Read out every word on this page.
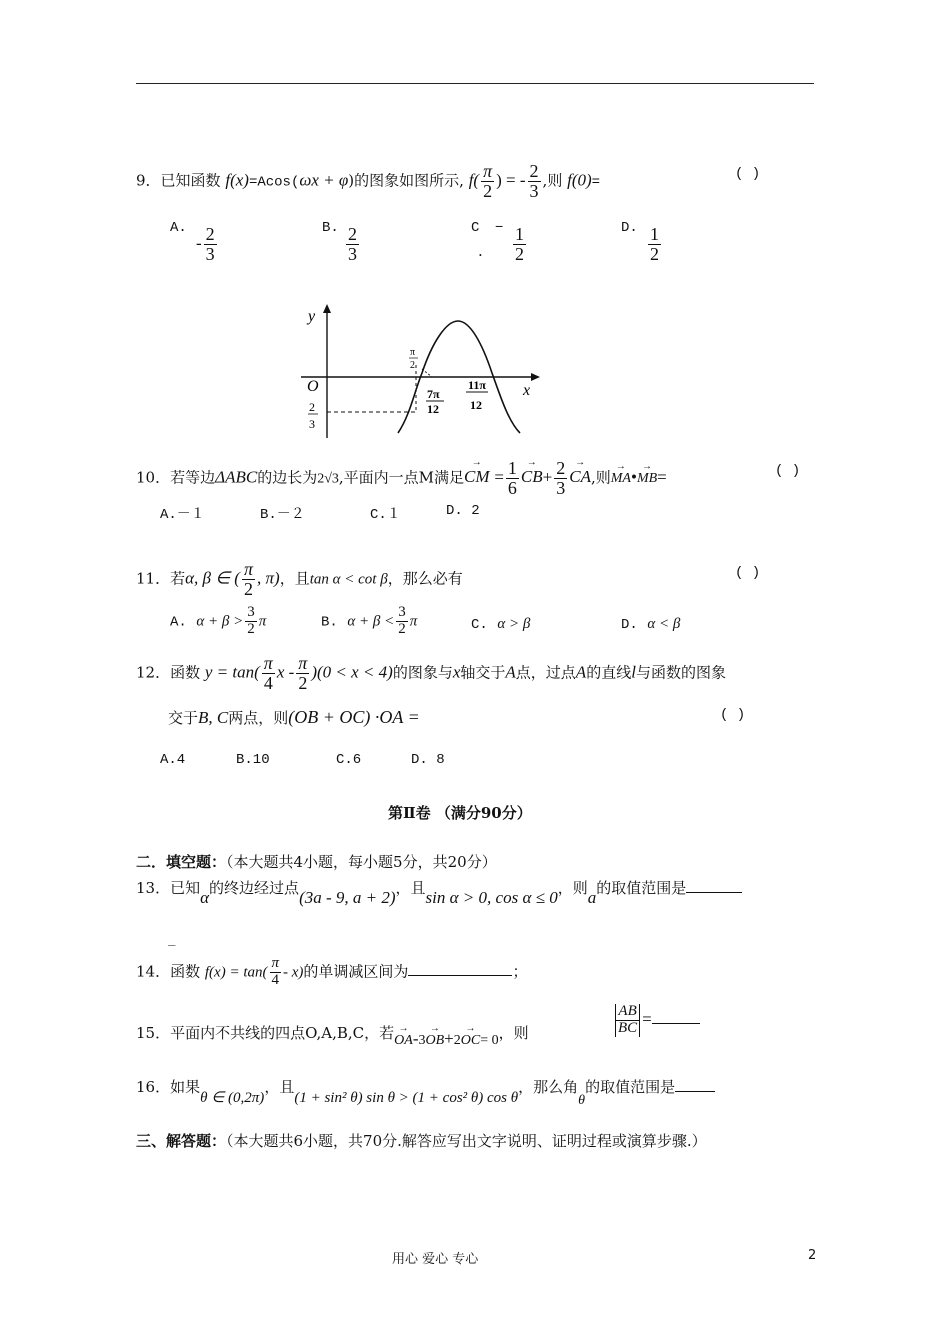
9．已知函数 f(x)=Acos(ωx + φ)的图象如图所示, $f( \frac{\pi}{2}$ ) = - $\frac{2}{3}$ ,则 f(0)=
( )
A.
- $\frac{2}{3}$	B. $\frac{2}{3}$	C −
. $\frac{1}{2}$	D. $\frac{1}{2}$
y
x
O
π
2
7π
12
11π
12
2
3
10．若等边ΔABC的边长为2√3,平面内一点M满足→ CM = $\frac{1}{6}$
→ $CB+ \frac{2}{3}$
→ CA,则→ MA•→ MB=	( )
A.－１	B.－２	C.１	D. 2
11．若α, β ∈ ( $\frac{\pi}{2}$ , π)，且tan α < cot β，那么必有	( )
A. $\alpha + \beta > \frac{3}{2}$ π	B. $\alpha + \beta < \frac{3}{2}$ π	C. α > β	D. α < β
12．函数 $y = \tan( \frac{\pi}{4}$ $x - \frac{\pi}{2} )(0 < x < 4)$的图象与x轴交于A点，过点A的直线l与函数的图象
交于B, C两点，则(OB + OC) ·OA =	( )
A.4	B.10	C.6	D. 8
第Ⅱ卷 （满分90分）
二．填空题：（本大题共4小题，每小题5分，共20分）
13．已知α的终边经过点(3a - 9, a + 2)，且sin α > 0, cos α ≤ 0，则a的取值范围是
_
14．函数 $f(x) = \tan( \frac{\pi}{4} - x)$的单调减区间为	；
15．平面内不共线的四点O,A,B,C，若→ OA-3→ OB+2→ OC= 0，则	$\frac{AB}{BC}$ =
16．如果θ ∈ (0,2π)，且(1 + sin² θ) sin θ > (1 + cos² θ) cos θ，那么角θ的取值范围是
三、解答题：（本大题共6小题，共70分.解答应写出文字说明、证明过程或演算步骤.）
用心 爱心 专心	2
